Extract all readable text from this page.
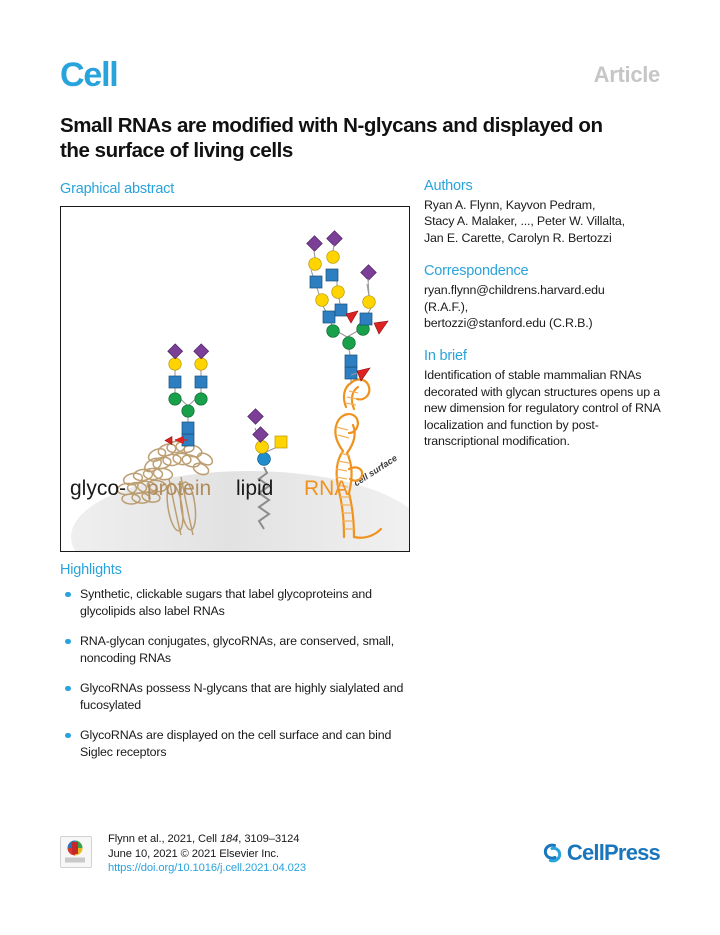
Cell	Article
Small RNAs are modified with N-glycans and displayed on the surface of living cells
Graphical abstract
cell surface
glyco- protein lipid RNA
Authors
Ryan A. Flynn, Kayvon Pedram,
Stacy A. Malaker, ..., Peter W. Villalta,
Jan E. Carette, Carolyn R. Bertozzi
Correspondence
ryan.flynn@childrens.harvard.edu
(R.A.F.),
bertozzi@stanford.edu (C.R.B.)
In brief
Identification of stable mammalian RNAs decorated with glycan structures opens up a new dimension for regulatory control of RNA localization and function by post-transcriptional modification.
Highlights
Synthetic, clickable sugars that label glycoproteins and glycolipids also label RNAs
RNA-glycan conjugates, glycoRNAs, are conserved, small, noncoding RNAs
GlycoRNAs possess N-glycans that are highly sialylated and fucosylated
GlycoRNAs are displayed on the cell surface and can bind Siglec receptors
Flynn et al., 2021, Cell 184, 3109–3124
June 10, 2021 © 2021 Elsevier Inc.
https://doi.org/10.1016/j.cell.2021.04.023
CellPress
